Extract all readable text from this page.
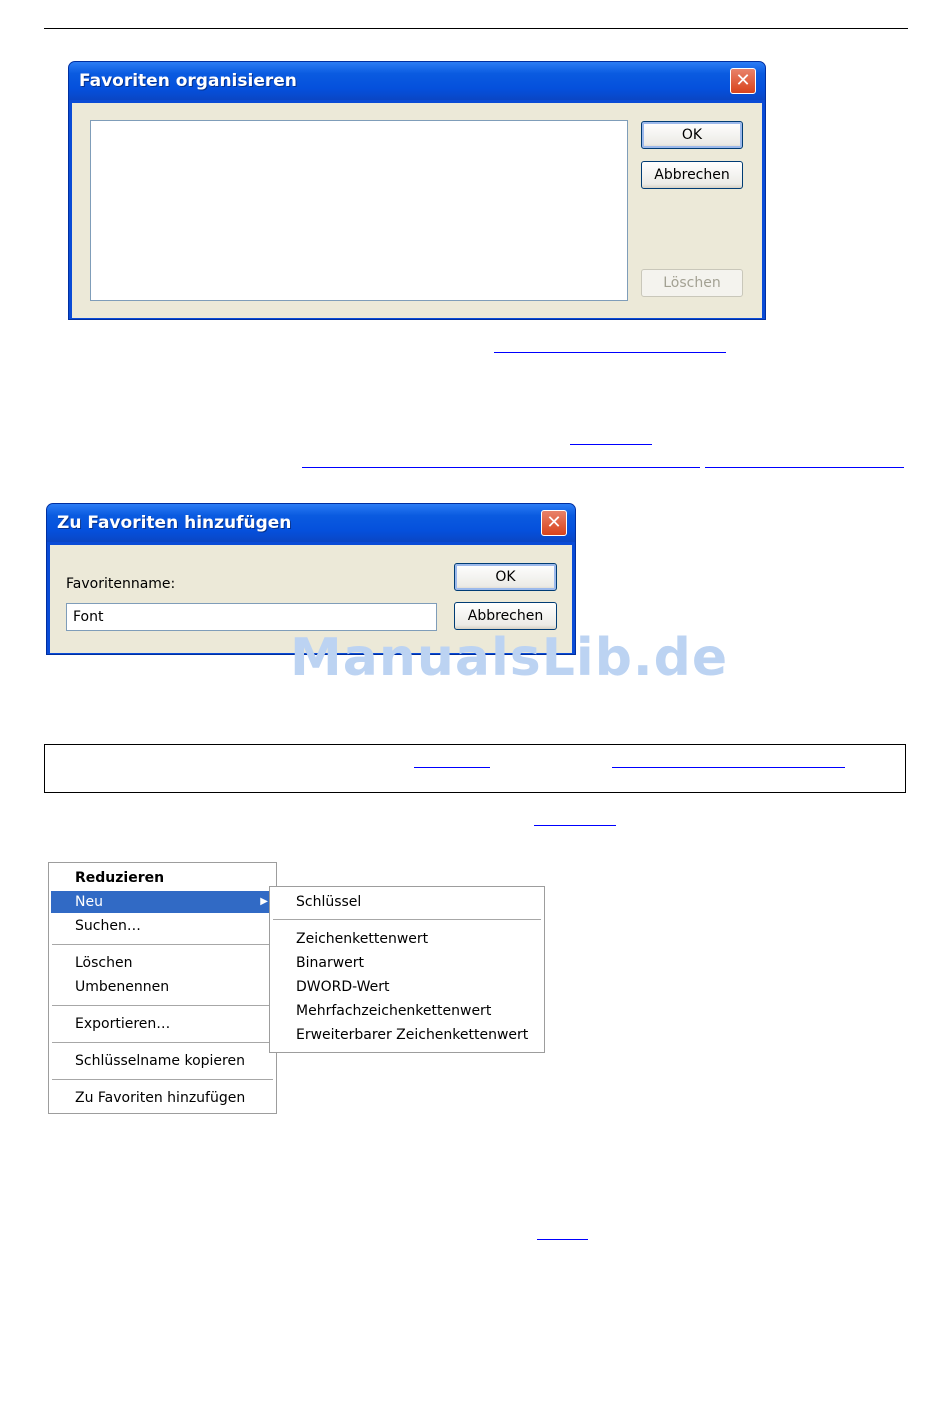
Favoriten organisieren	✕
OK
Abbrechen
Löschen
Zu Favoriten hinzufügen	✕
Favoritenname:
Font
OK
Abbrechen
ManualsLib.de
Reduzieren
Neu	▶
Suchen…
Löschen
Umbenennen
Exportieren…
Schlüsselname kopieren
Zu Favoriten hinzufügen
Schlüssel
Zeichenkettenwert
Binarwert
DWORD-Wert
Mehrfachzeichenkettenwert
Erweiterbarer Zeichenkettenwert
